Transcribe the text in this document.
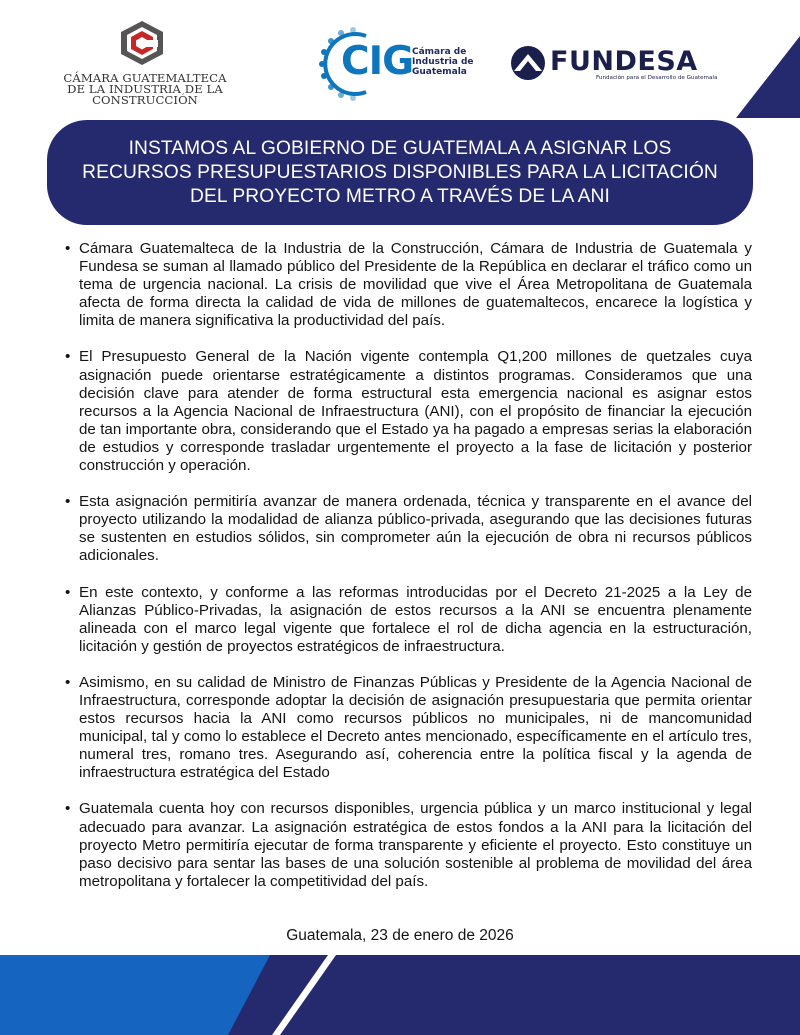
CÁMARA GUATEMALTECA
DE LA INDUSTRIA DE LA
CONSTRUCCIÓN
CIG
Cámara de
Industria de
Guatemala	FUNDESA
Fundación para el Desarrollo de Guatemala
INSTAMOS AL GOBIERNO DE GUATEMALA A ASIGNAR LOS
RECURSOS PRESUPUESTARIOS DISPONIBLES PARA LA LICITACIÓN
DEL PROYECTO METRO A TRAVÉS DE LA ANI
• Cámara Guatemalteca de la Industria de la Construcción, Cámara de Industria de Guatemala y Fundesa se suman al llamado público del Presidente de la República en declarar el tráfico como un tema de urgencia nacional. La crisis de movilidad que vive el Área Metropolitana de Guatemala afecta de forma directa la calidad de vida de millones de guatemaltecos, encarece la logística y limita de manera significativa la productividad del país.
• El Presupuesto General de la Nación vigente contempla Q1,200 millones de quetzales cuya asignación puede orientarse estratégicamente a distintos programas. Consideramos que una decisión clave para atender de forma estructural esta emergencia nacional es asignar estos recursos a la Agencia Nacional de Infraestructura (ANI), con el propósito de financiar la ejecución de tan importante obra, considerando que el Estado ya ha pagado a empresas serias la elaboración de estudios y corresponde trasladar urgentemente el proyecto a la fase de licitación y posterior construcción y operación.
• Esta asignación permitiría avanzar de manera ordenada, técnica y transparente en el avance del proyecto utilizando la modalidad de alianza público-privada, asegurando que las decisiones futuras se sustenten en estudios sólidos, sin comprometer aún la ejecución de obra ni recursos públicos adicionales.
• En este contexto, y conforme a las reformas introducidas por el Decreto 21-2025 a la Ley de Alianzas Público-Privadas, la asignación de estos recursos a la ANI se encuentra plenamente alineada con el marco legal vigente que fortalece el rol de dicha agencia en la estructuración, licitación y gestión de proyectos estratégicos de infraestructura.
• Asimismo, en su calidad de Ministro de Finanzas Públicas y Presidente de la Agencia Nacional de Infraestructura, corresponde adoptar la decisión de asignación presupuestaria que permita orientar estos recursos hacia la ANI como recursos públicos no municipales, ni de mancomunidad municipal, tal y como lo establece el Decreto antes mencionado, específicamente en el artículo tres, numeral tres, romano tres. Asegurando así, coherencia entre la política fiscal y la agenda de infraestructura estratégica del Estado
• Guatemala cuenta hoy con recursos disponibles, urgencia pública y un marco institucional y legal adecuado para avanzar. La asignación estratégica de estos fondos a la ANI para la licitación del proyecto Metro permitiría ejecutar de forma transparente y eficiente el proyecto. Esto constituye un paso decisivo para sentar las bases de una solución sostenible al problema de movilidad del área metropolitana y fortalecer la competitividad del país.
Guatemala, 23 de enero de 2026
